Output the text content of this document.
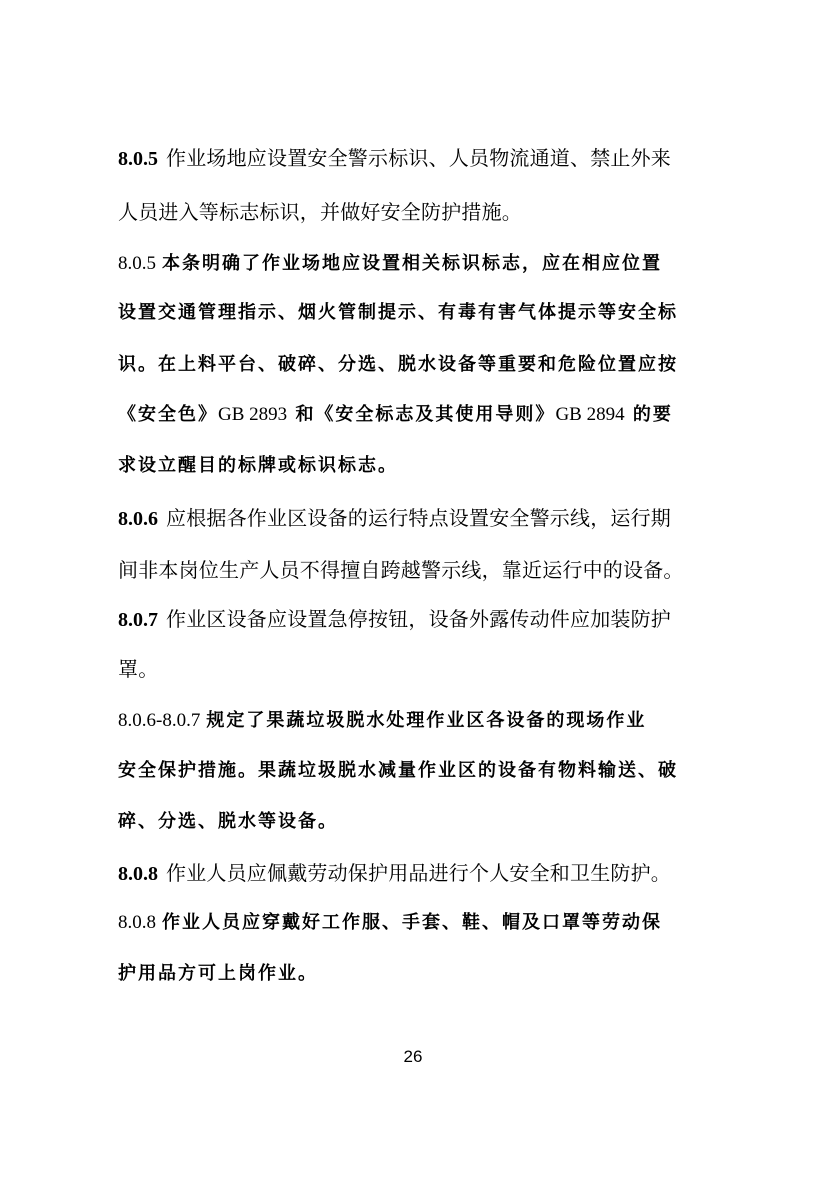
8.0.5 作业场地应设置安全警示标识、人员物流通道、禁止外来
人员进入等标志标识，并做好安全防护措施。
8.0.5 本条明确了作业场地应设置相关标识标志，应在相应位置
设置交通管理指示、烟火管制提示、有毒有害气体提示等安全标
识。在上料平台、破碎、分选、脱水设备等重要和危险位置应按
《安全色》GB 2893 和《安全标志及其使用导则》GB 2894 的要
求设立醒目的标牌或标识标志。
8.0.6 应根据各作业区设备的运行特点设置安全警示线，运行期
间非本岗位生产人员不得擅自跨越警示线，靠近运行中的设备。
8.0.7 作业区设备应设置急停按钮，设备外露传动件应加装防护
罩。
8.0.6-8.0.7 规定了果蔬垃圾脱水处理作业区各设备的现场作业
安全保护措施。果蔬垃圾脱水减量作业区的设备有物料输送、破
碎、分选、脱水等设备。
8.0.8 作业人员应佩戴劳动保护用品进行个人安全和卫生防护。
8.0.8 作业人员应穿戴好工作服、手套、鞋、帽及口罩等劳动保
护用品方可上岗作业。
26
